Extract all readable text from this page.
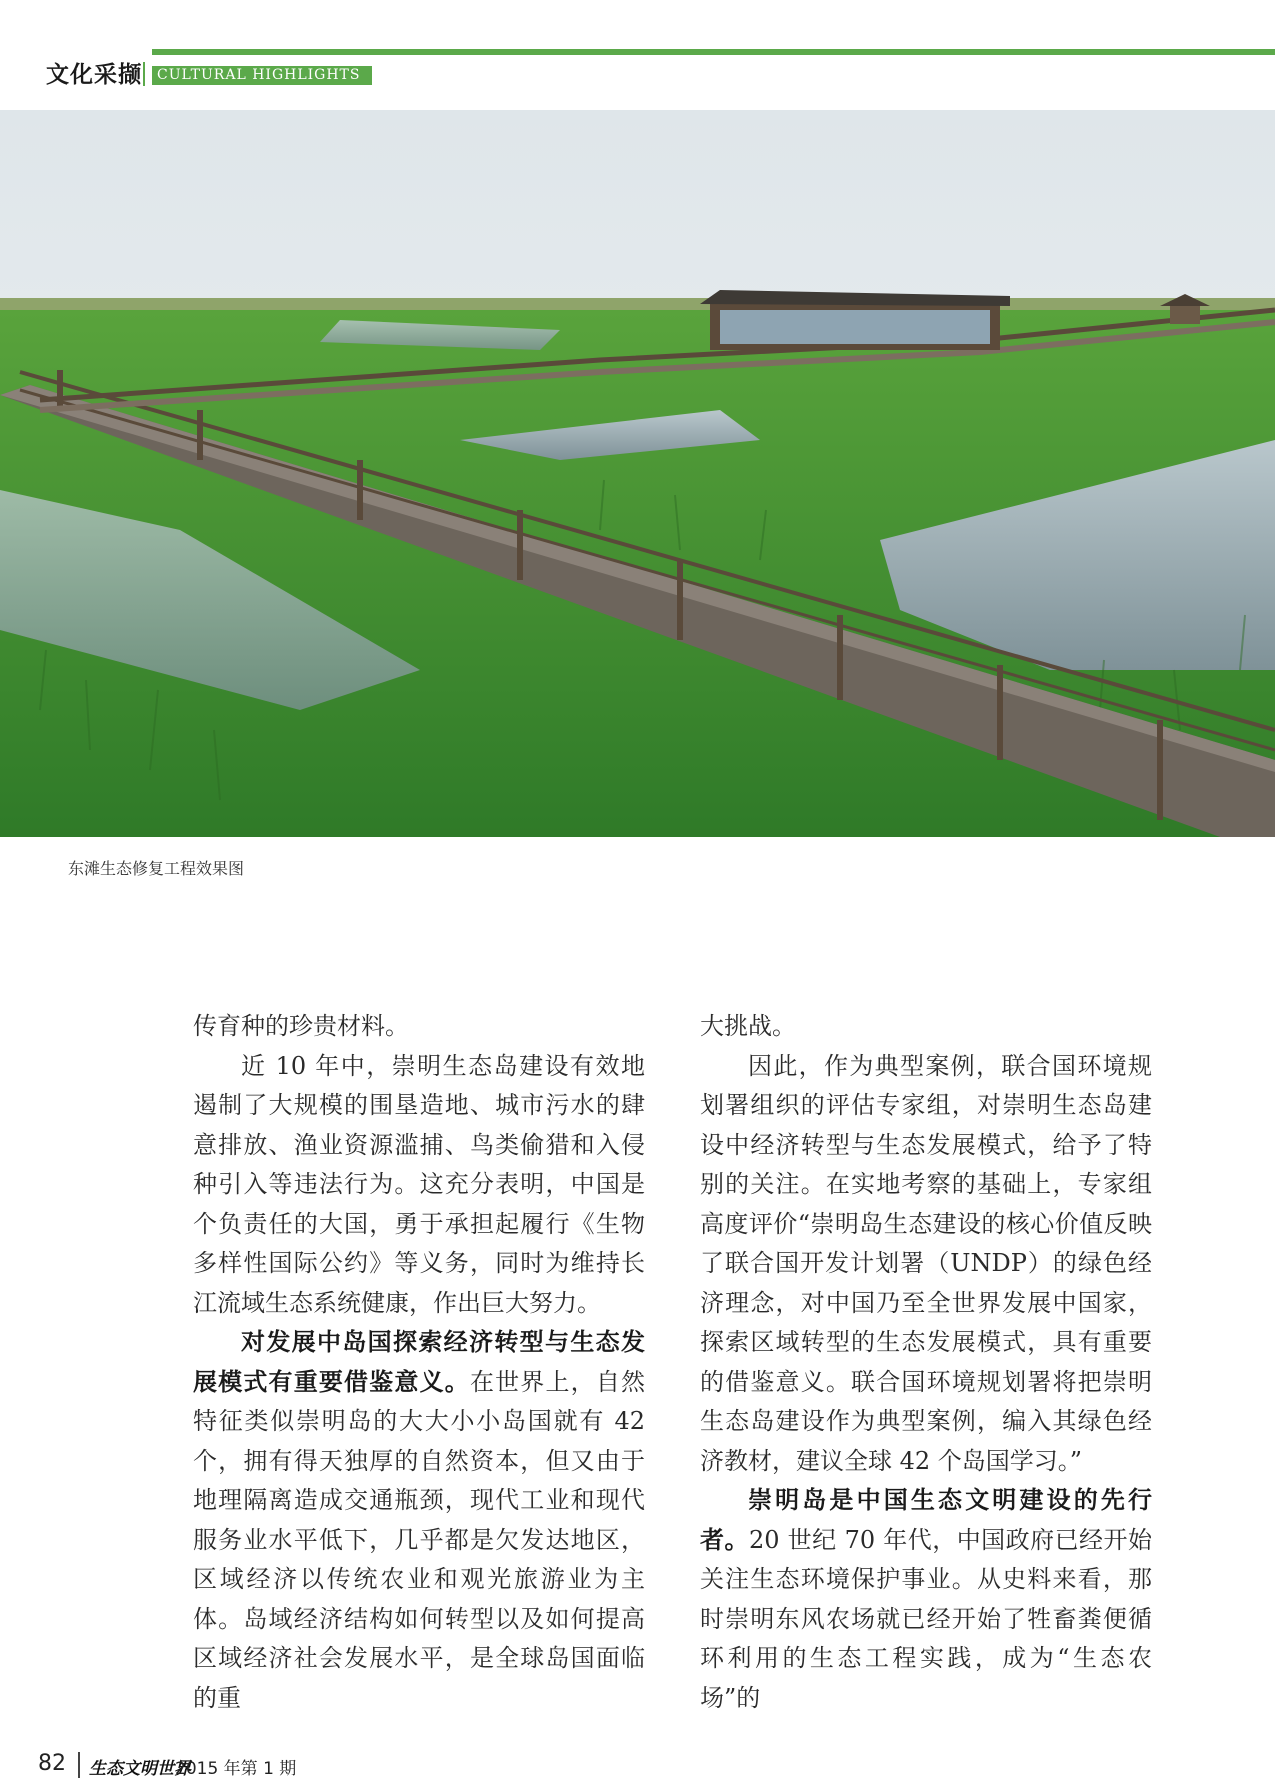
文化采撷	CULTURAL HIGHLIGHTS
东滩生态修复工程效果图

传育种的珍贵材料。

近 10 年中，崇明生态岛建设有效地遏制了大规模的围垦造地、城市污水的肆意排放、渔业资源滥捕、鸟类偷猎和入侵种引入等违法行为。这充分表明，中国是个负责任的大国，勇于承担起履行《生物多样性国际公约》等义务，同时为维持长江流域生态系统健康，作出巨大努力。

对发展中岛国探索经济转型与生态发展模式有重要借鉴意义。在世界上，自然特征类似崇明岛的大大小小岛国就有 42 个，拥有得天独厚的自然资本，但又由于地理隔离造成交通瓶颈，现代工业和现代服务业水平低下，几乎都是欠发达地区，区域经济以传统农业和观光旅游业为主体。岛域经济结构如何转型以及如何提高区域经济社会发展水平，是全球岛国面临的重

大挑战。

因此，作为典型案例，联合国环境规划署组织的评估专家组，对崇明生态岛建设中经济转型与生态发展模式，给予了特别的关注。在实地考察的基础上，专家组高度评价“崇明岛生态建设的核心价值反映了联合国开发计划署（UNDP）的绿色经济理念，对中国乃至全世界发展中国家，探索区域转型的生态发展模式，具有重要的借鉴意义。联合国环境规划署将把崇明生态岛建设作为典型案例，编入其绿色经济教材，建议全球 42 个岛国学习。”

崇明岛是中国生态文明建设的先行者。20 世纪 70 年代，中国政府已经开始关注生态环境保护事业。从史料来看，那时崇明东风农场就已经开始了牲畜粪便循环利用的生态工程实践，成为“生态农场”的

82 生态文明世界
2015 年第 1 期
